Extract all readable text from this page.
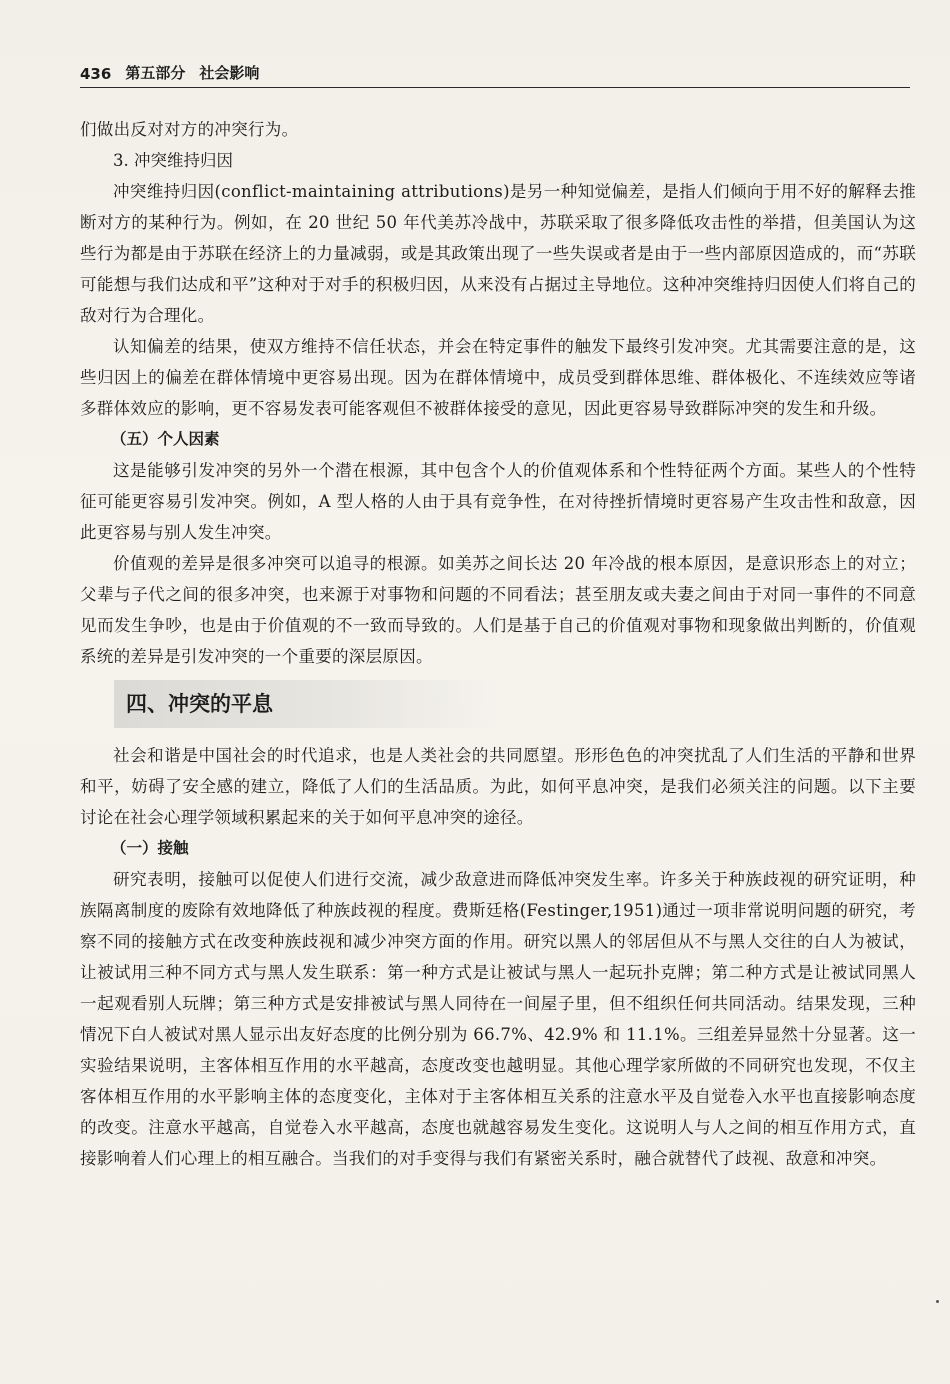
436 第五部分 社会影响

们做出反对对方的冲突行为。

3. 冲突维持归因

冲突维持归因(conflict-maintaining attributions)是另一种知觉偏差，是指人们倾向于用不好的解释去推断对方的某种行为。例如，在 20 世纪 50 年代美苏冷战中，苏联采取了很多降低攻击性的举措，但美国认为这些行为都是由于苏联在经济上的力量减弱，或是其政策出现了一些失误或者是由于一些内部原因造成的，而“苏联可能想与我们达成和平”这种对于对手的积极归因，从来没有占据过主导地位。这种冲突维持归因使人们将自己的敌对行为合理化。

认知偏差的结果，使双方维持不信任状态，并会在特定事件的触发下最终引发冲突。尤其需要注意的是，这些归因上的偏差在群体情境中更容易出现。因为在群体情境中，成员受到群体思维、群体极化、不连续效应等诸多群体效应的影响，更不容易发表可能客观但不被群体接受的意见，因此更容易导致群际冲突的发生和升级。

（五）个人因素

这是能够引发冲突的另外一个潜在根源，其中包含个人的价值观体系和个性特征两个方面。某些人的个性特征可能更容易引发冲突。例如，A 型人格的人由于具有竞争性，在对待挫折情境时更容易产生攻击性和敌意，因此更容易与别人发生冲突。

价值观的差异是很多冲突可以追寻的根源。如美苏之间长达 20 年冷战的根本原因，是意识形态上的对立；父辈与子代之间的很多冲突，也来源于对事物和问题的不同看法；甚至朋友或夫妻之间由于对同一事件的不同意见而发生争吵，也是由于价值观的不一致而导致的。人们是基于自己的价值观对事物和现象做出判断的，价值观系统的差异是引发冲突的一个重要的深层原因。

四、冲突的平息

社会和谐是中国社会的时代追求，也是人类社会的共同愿望。形形色色的冲突扰乱了人们生活的平静和世界和平，妨碍了安全感的建立，降低了人们的生活品质。为此，如何平息冲突，是我们必须关注的问题。以下主要讨论在社会心理学领域积累起来的关于如何平息冲突的途径。

（一）接触

研究表明，接触可以促使人们进行交流，减少敌意进而降低冲突发生率。许多关于种族歧视的研究证明，种族隔离制度的废除有效地降低了种族歧视的程度。费斯廷格(Festinger,1951)通过一项非常说明问题的研究，考察不同的接触方式在改变种族歧视和减少冲突方面的作用。研究以黑人的邻居但从不与黑人交往的白人为被试，让被试用三种不同方式与黑人发生联系：第一种方式是让被试与黑人一起玩扑克牌；第二种方式是让被试同黑人一起观看别人玩牌；第三种方式是安排被试与黑人同待在一间屋子里，但不组织任何共同活动。结果发现，三种情况下白人被试对黑人显示出友好态度的比例分别为 66.7%、42.9% 和 11.1%。三组差异显然十分显著。这一实验结果说明，主客体相互作用的水平越高，态度改变也越明显。其他心理学家所做的不同研究也发现，不仅主客体相互作用的水平影响主体的态度变化，主体对于主客体相互关系的注意水平及自觉卷入水平也直接影响态度的改变。注意水平越高，自觉卷入水平越高，态度也就越容易发生变化。这说明人与人之间的相互作用方式，直接影响着人们心理上的相互融合。当我们的对手变得与我们有紧密关系时，融合就替代了歧视、敌意和冲突。
